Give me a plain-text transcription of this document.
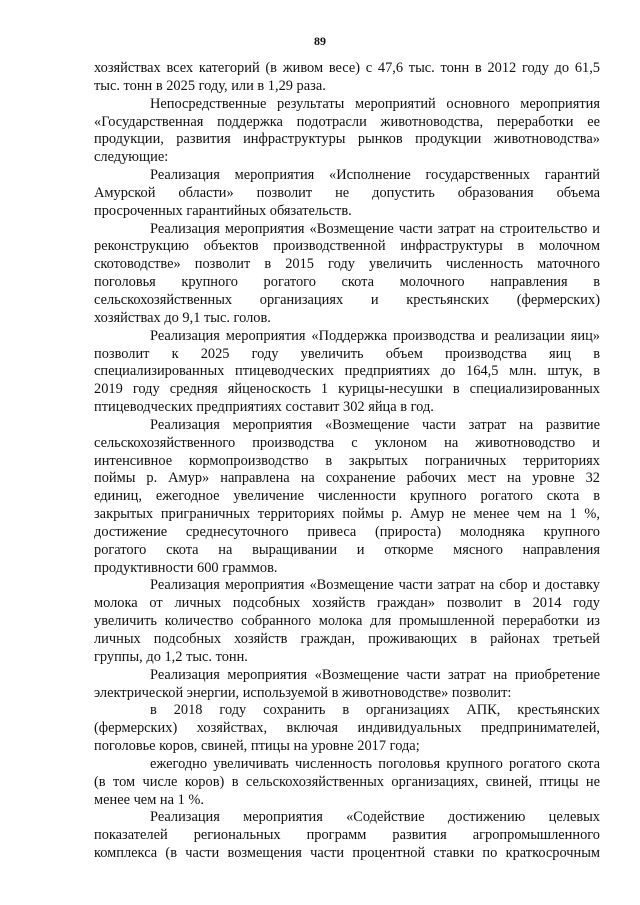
89

хозяйствах всех категорий (в живом весе) с 47,6 тыс. тонн в 2012 году до 61,5

тыс. тонн в 2025 году, или в 1,29 раза.

Непосредственные результаты мероприятий основного мероприятия

«Государственная поддержка подотрасли животноводства, переработки ее

продукции, развития инфраструктуры рынков продукции животноводства»

следующие:

Реализация мероприятия «Исполнение государственных гарантий

Амурской области» позволит не допустить образования объема

просроченных гарантийных обязательств.

Реализация мероприятия «Возмещение части затрат на строительство и

реконструкцию объектов производственной инфраструктуры в молочном

скотоводстве» позволит в 2015 году увеличить численность маточного

поголовья крупного рогатого скота молочного направления в

сельскохозяйственных организациях и крестьянских (фермерских)

хозяйствах до 9,1 тыс. голов.

Реализация мероприятия «Поддержка производства и реализации яиц»

позволит к 2025 году увеличить объем производства яиц в

специализированных птицеводческих предприятиях до 164,5 млн. штук, в

2019 году средняя яйценоскость 1 курицы-несушки в специализированных

птицеводческих предприятиях составит 302 яйца в год.

Реализация мероприятия «Возмещение части затрат на развитие

сельскохозяйственного производства с уклоном на животноводство и

интенсивное кормопроизводство в закрытых пограничных территориях

поймы р. Амур» направлена на сохранение рабочих мест на уровне 32

единиц, ежегодное увеличение численности крупного рогатого скота в

закрытых приграничных территориях поймы р. Амур не менее чем на 1 %,

достижение среднесуточного привеса (прироста) молодняка крупного

рогатого скота на выращивании и откорме мясного направления

продуктивности 600 граммов.

Реализация мероприятия «Возмещение части затрат на сбор и доставку

молока от личных подсобных хозяйств граждан» позволит в 2014 году

увеличить количество собранного молока для промышленной переработки из

личных подсобных хозяйств граждан, проживающих в районах третьей

группы, до 1,2 тыс. тонн.

Реализация мероприятия «Возмещение части затрат на приобретение

электрической энергии, используемой в животноводстве» позволит:

в 2018 году сохранить в организациях АПК, крестьянских

(фермерских) хозяйствах, включая индивидуальных предпринимателей,

поголовье коров, свиней, птицы на уровне 2017 года;

ежегодно увеличивать численность поголовья крупного рогатого скота

(в том числе коров) в сельскохозяйственных организациях, свиней, птицы не

менее чем на 1 %.

Реализация мероприятия «Содействие достижению целевых

показателей региональных программ развития агропромышленного

комплекса (в части возмещения части процентной ставки по краткосрочным
